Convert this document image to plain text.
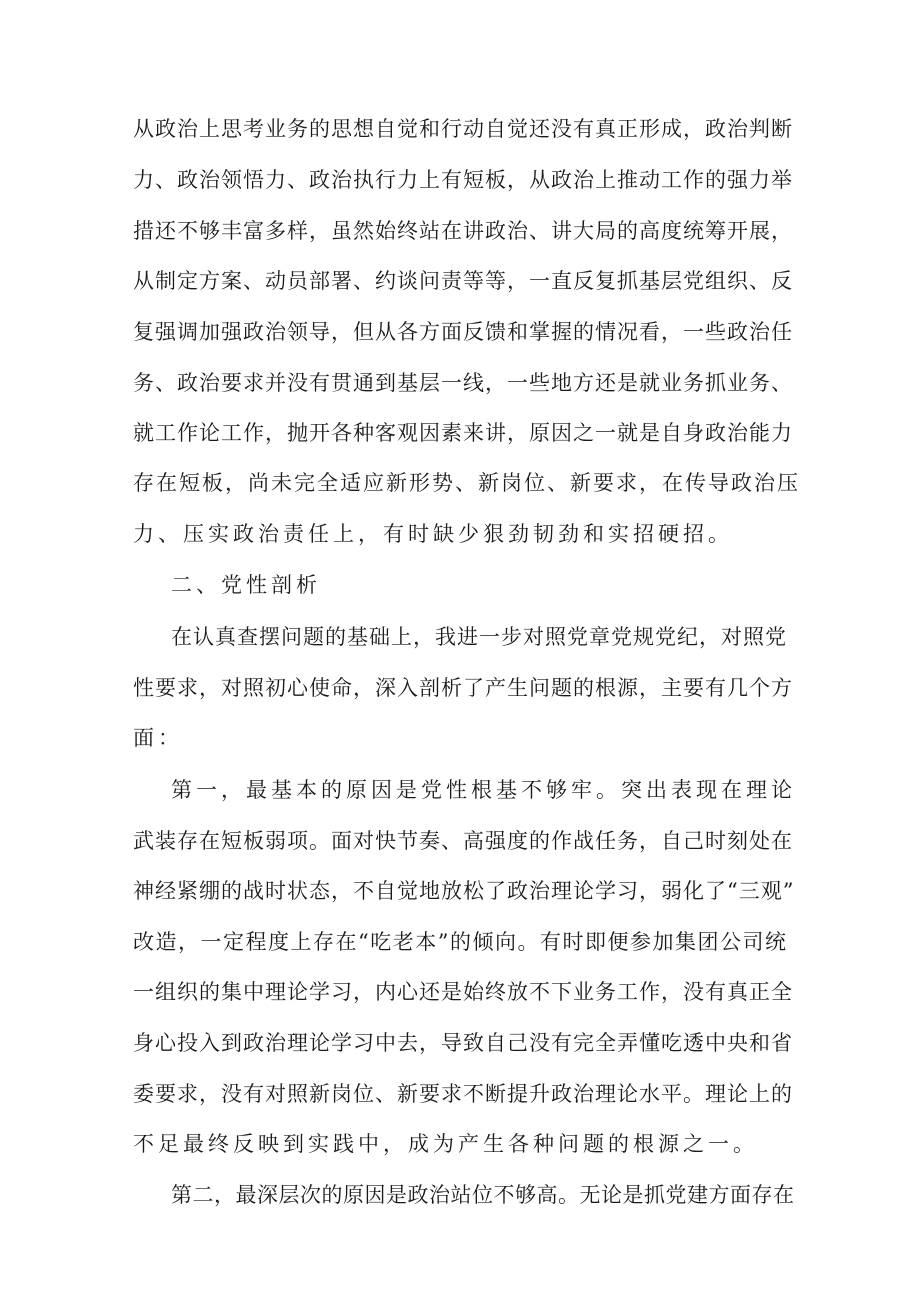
从政治上思考业务的思想自觉和行动自觉还没有真正形成，政治判断

力、政治领悟力、政治执行力上有短板，从政治上推动工作的强力举

措还不够丰富多样，虽然始终站在讲政治、讲大局的高度统筹开展，

从制定方案、动员部署、约谈问责等等，一直反复抓基层党组织、反

复强调加强政治领导，但从各方面反馈和掌握的情况看，一些政治任

务、政治要求并没有贯通到基层一线，一些地方还是就业务抓业务、

就工作论工作，抛开各种客观因素来讲，原因之一就是自身政治能力

存在短板，尚未完全适应新形势、新岗位、新要求，在传导政治压

力、压实政治责任上，有时缺少狠劲韧劲和实招硬招。

二、党性剖析

在认真查摆问题的基础上，我进一步对照党章党规党纪，对照党

性要求，对照初心使命，深入剖析了产生问题的根源，主要有几个方

面：

第一，最基本的原因是党性根基不够牢。突出表现在理论

武装存在短板弱项。面对快节奏、高强度的作战任务，自己时刻处在

神经紧绷的战时状态，不自觉地放松了政治理论学习，弱化了“三观”

改造，一定程度上存在“吃老本”的倾向。有时即便参加集团公司统

一组织的集中理论学习，内心还是始终放不下业务工作，没有真正全

身心投入到政治理论学习中去，导致自己没有完全弄懂吃透中央和省

委要求，没有对照新岗位、新要求不断提升政治理论水平。理论上的

不足最终反映到实践中，成为产生各种问题的根源之一。

第二，最深层次的原因是政治站位不够高。无论是抓党建方面存在
